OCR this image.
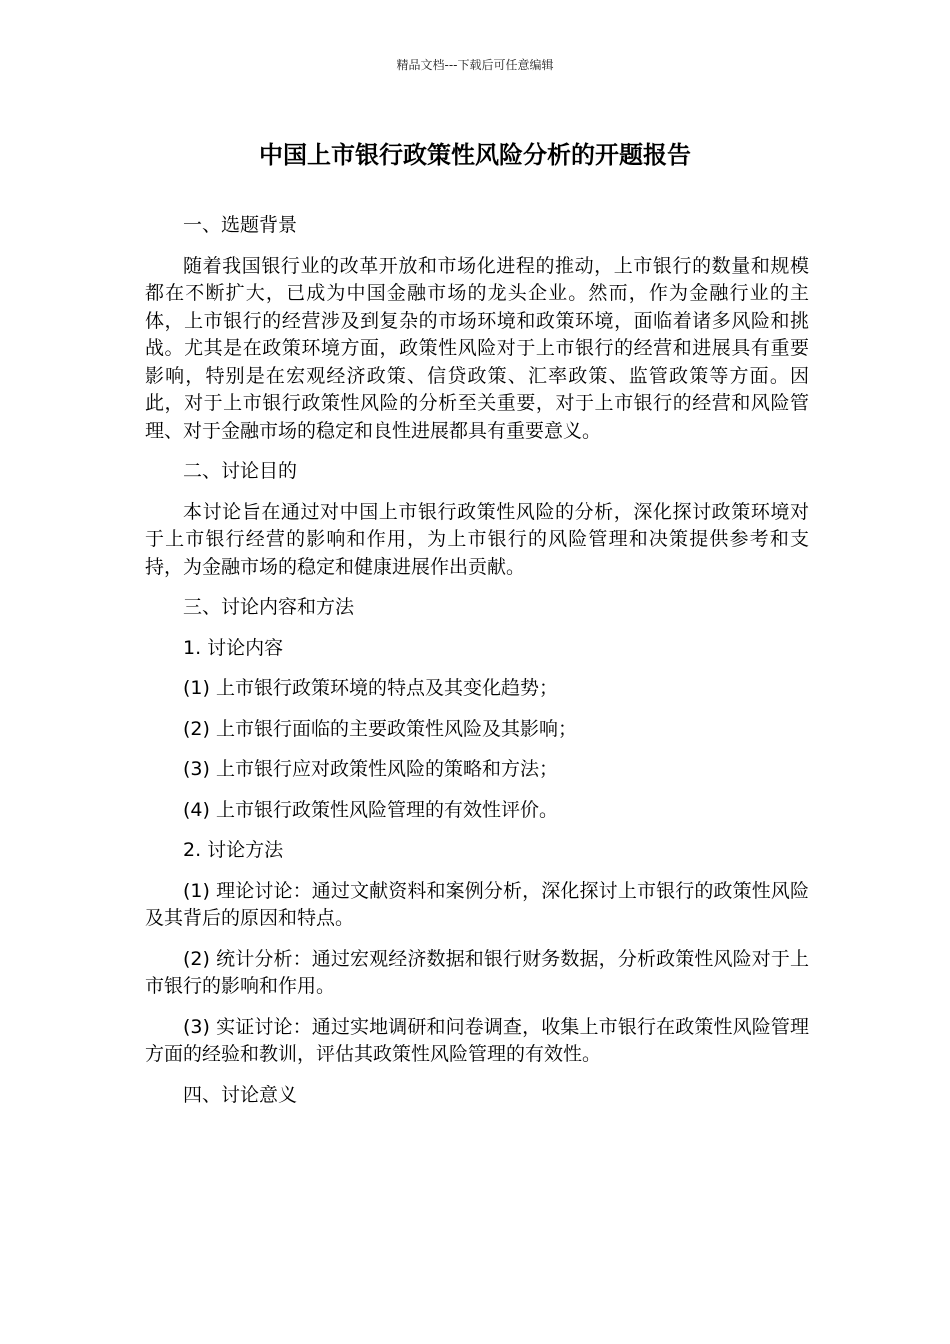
精品文档---下载后可任意编辑
中国上市银行政策性风险分析的开题报告

一、选题背景

随着我国银行业的改革开放和市场化进程的推动，上市银行的数量和规模都在不断扩大，已成为中国金融市场的龙头企业。然而，作为金融行业的主体，上市银行的经营涉及到复杂的市场环境和政策环境，面临着诸多风险和挑战。尤其是在政策环境方面，政策性风险对于上市银行的经营和进展具有重要影响，特别是在宏观经济政策、信贷政策、汇率政策、监管政策等方面。因此，对于上市银行政策性风险的分析至关重要，对于上市银行的经营和风险管理、对于金融市场的稳定和良性进展都具有重要意义。

二、讨论目的

本讨论旨在通过对中国上市银行政策性风险的分析，深化探讨政策环境对于上市银行经营的影响和作用，为上市银行的风险管理和决策提供参考和支持，为金融市场的稳定和健康进展作出贡献。

三、讨论内容和方法

1. 讨论内容

(1) 上市银行政策环境的特点及其变化趋势；

(2) 上市银行面临的主要政策性风险及其影响；

(3) 上市银行应对政策性风险的策略和方法；

(4) 上市银行政策性风险管理的有效性评价。

2. 讨论方法

(1) 理论讨论：通过文献资料和案例分析，深化探讨上市银行的政策性风险及其背后的原因和特点。

(2) 统计分析：通过宏观经济数据和银行财务数据，分析政策性风险对于上市银行的影响和作用。

(3) 实证讨论：通过实地调研和问卷调查，收集上市银行在政策性风险管理方面的经验和教训，评估其政策性风险管理的有效性。

四、讨论意义
